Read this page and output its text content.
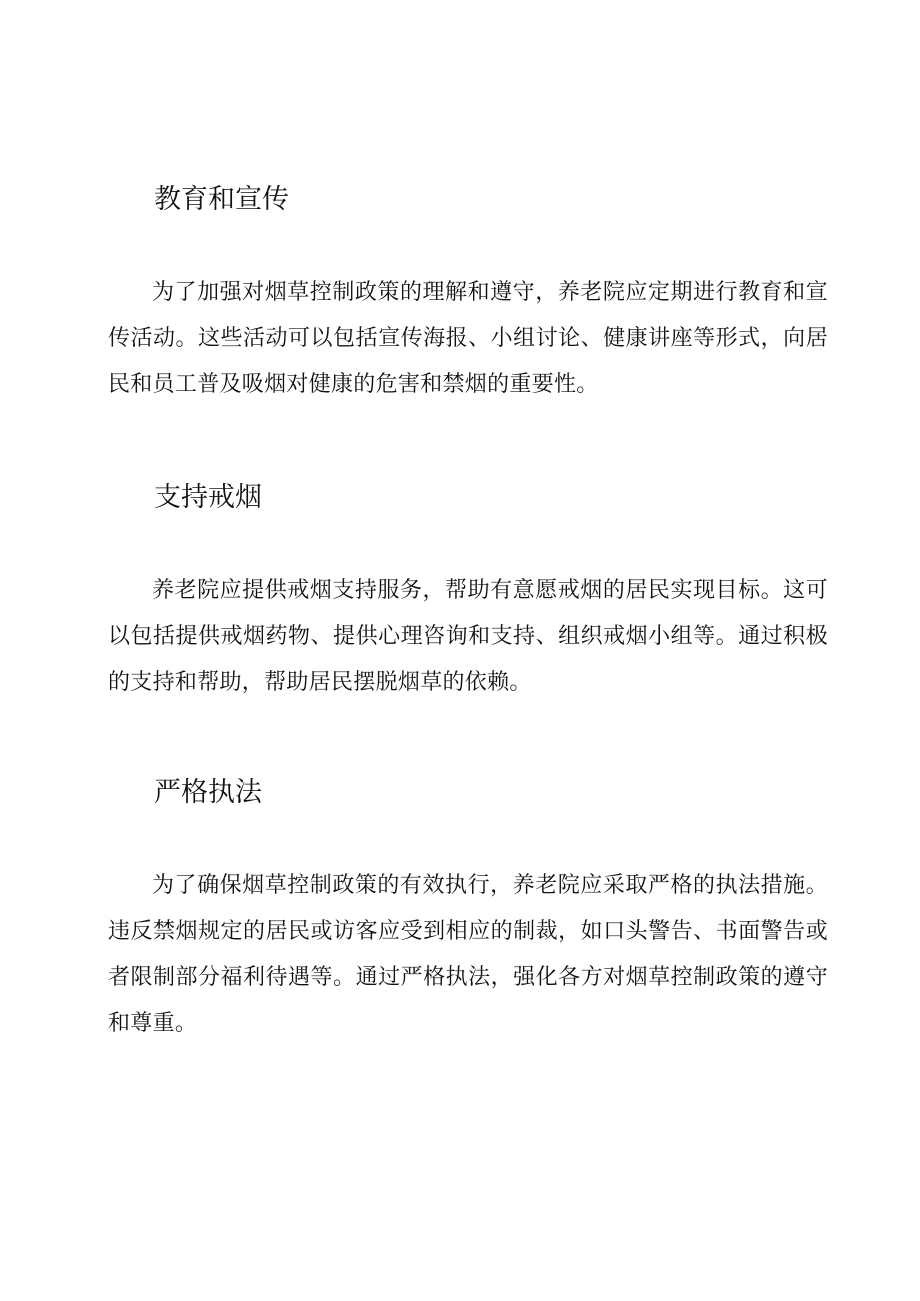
教育和宣传

为了加强对烟草控制政策的理解和遵守，养老院应定期进行教育和宣传活动。这些活动可以包括宣传海报、小组讨论、健康讲座等形式，向居民和员工普及吸烟对健康的危害和禁烟的重要性。

支持戒烟

养老院应提供戒烟支持服务，帮助有意愿戒烟的居民实现目标。这可以包括提供戒烟药物、提供心理咨询和支持、组织戒烟小组等。通过积极的支持和帮助，帮助居民摆脱烟草的依赖。

严格执法

为了确保烟草控制政策的有效执行，养老院应采取严格的执法措施。违反禁烟规定的居民或访客应受到相应的制裁，如口头警告、书面警告或者限制部分福利待遇等。通过严格执法，强化各方对烟草控制政策的遵守和尊重。
